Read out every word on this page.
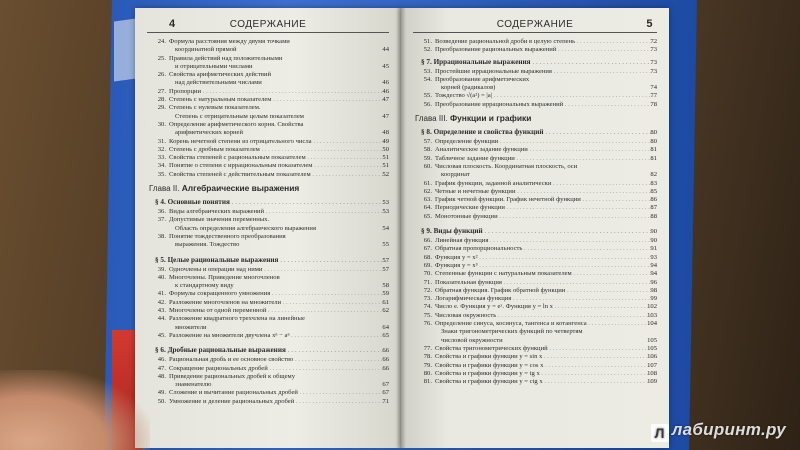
4	СОДЕРЖАНИЕ
24. Формула расстояния между двумя точками
координатной прямой	44
25. Правила действий над положительными
и отрицательными числами	45
26. Свойства арифметических действий
над действительными числами	46
27. Пропорции . . .	46
28. Степень с натуральным показателем . . .	47
29. Степень с нулевым показателем.
Степень с отрицательным целым показателем	47
30. Определение арифметического корня. Свойства
арифметических корней	48
31. Корень нечетной степени из отрицательного числа . . .	49
32. Степень с дробным показателем . . .	50
33. Свойства степеней с рациональным показателем . . .	51
34. Понятие о степени с иррациональным показателем . . .	51
35. Свойства степеней с действительным показателем . . .	52
Глава II. Алгебраические выражения
§ 4. Основные понятия . . .	53
36. Виды алгебраических выражений . . .	53
37. Допустимые значения переменных.
Область определения алгебраического выражения	54
38. Понятие тождественного преобразования
выражения. Тождество	55
§ 5. Целые рациональные выражения . . .	57
39. Одночлены и операции над ними . . .	57
40. Многочлены. Приведение многочленов
к стандартному виду	58
41. Формулы сокращенного умножения . . .	59
42. Разложение многочленов на множители . . .	61
43. Многочлены от одной переменной . . .	62
44. Разложение квадратного трехчлена на линейные
множители	64
45. Разложение на множители двучлена xⁿ − aⁿ . . .	65
§ 6. Дробные рациональные выражения . . .	66
46. Рациональная дробь и ее основное свойство . . .	66
47. Сокращение рациональных дробей . . .	66
48. Приведение рациональных дробей к общему
знаменателю	67
49. Сложение и вычитание рациональных дробей . . .	67
50. Умножение и деление рациональных дробей . . .	71
СОДЕРЖАНИЕ	5
51. Возведение рациональной дроби в целую степень . . .	72
52. Преобразование рациональных выражений . . .	73
§ 7. Иррациональные выражения . . .	73
53. Простейшие иррациональные выражения . . .	73
54. Преобразование арифметических
корней (радикалов)	74
55. Тождество √(a²) = |a| . . .	77
56. Преобразование иррациональных выражений . . .	78
Глава III. Функции и графики
§ 8. Определение и свойства функций . . .	80
57. Определение функции . . .	80
58. Аналитическое задание функции . . .	81
59. Табличное задание функции . . .	81
60. Числовая плоскость. Координатная плоскость, оси
координат	82
61. График функции, заданной аналитически . . .	83
62. Четные и нечетные функции . . .	85
63. График четной функции. График нечетной функции . . .	86
64. Периодические функции . . .	87
65. Монотонные функции . . .	88
§ 9. Виды функций . . .	90
66. Линейная функция . . .	90
67. Обратная пропорциональность . . .	91
68. Функция y = x² . . .	93
69. Функция y = x³ . . .	94
70. Степенные функции с натуральным показателем . . .	94
71. Показательная функция . . .	96
72. Обратная функция. График обратной функции . . .	98
73. Логарифмическая функция . . .	99
74. Число e. Функция y = eˣ. Функция y = ln x . . .	102
75. Числовая окружность . . .	103
76. Определение синуса, косинуса, тангенса и котангенса . . .	104
Знаки тригонометрических функций по четвертям
числовой окружности	105
77. Свойства тригонометрических функций . . .	105
78. Свойства и графики функции y = sin x . . .	106
79. Свойства и графики функции y = cos x . . .	107
80. Свойства и графики функции y = tg x . . .	108
81. Свойства и графики функции y = ctg x . . .	109
Л лабиринт.ру
